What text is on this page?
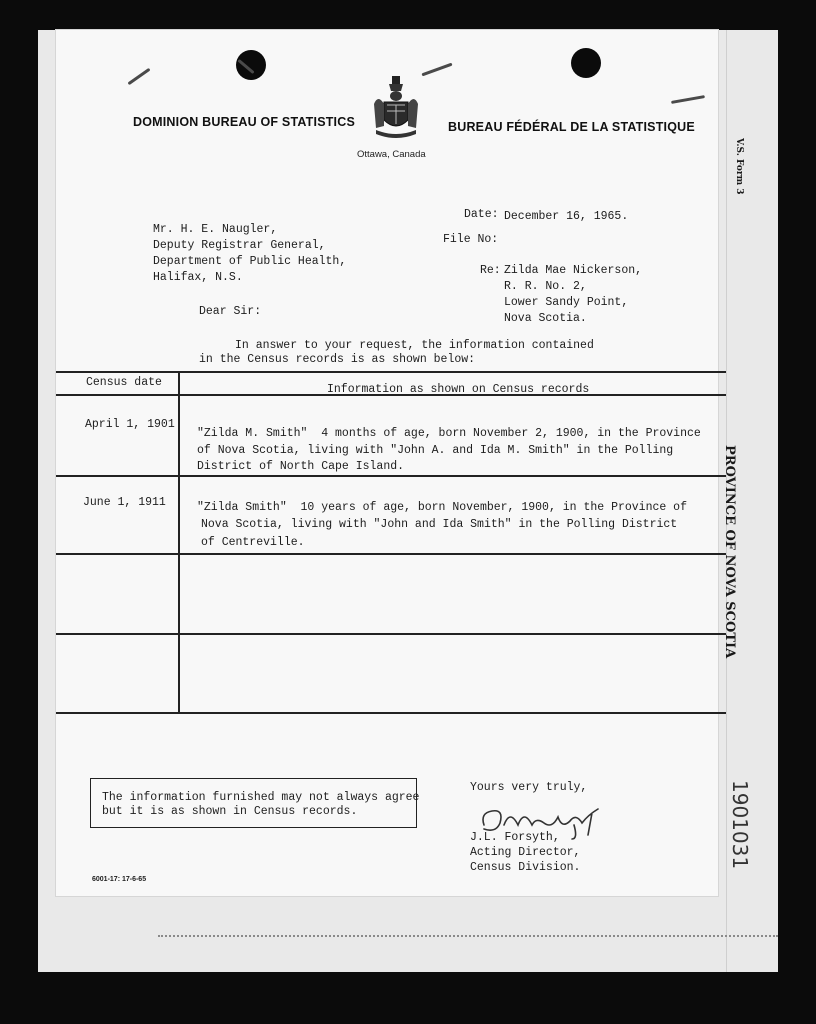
DOMINION BUREAU OF STATISTICS	BUREAU FÉDÉRAL DE LA STATISTIQUE
Ottawa, Canada
Date: December 16, 1965.
File No:
Re: Zilda Mae Nickerson,
R. R. No. 2,
Lower Sandy Point,
Nova Scotia.
Mr. H. E. Naugler,
Deputy Registrar General,
Department of Public Health,
Halifax, N.S.
Dear Sir:
In answer to your request, the information contained
in the Census records is as shown below:
Census date
Information as shown on Census records
April 1, 1901
"Zilda M. Smith"  4 months of age, born November 2, 1900, in the Province
of Nova Scotia, living with "John A. and Ida M. Smith" in the Polling
District of North Cape Island.
June 1, 1911	"Zilda Smith"  10 years of age, born November, 1900, in the Province of
Nova Scotia, living with "John and Ida Smith" in the Polling District
of Centreville.
The information furnished may not always agree
but it is as shown in Census records.
Yours very truly,
J.L. Forsyth,
Acting Director,
Census Division.
6001-17: 17-6-65
V.S. Form 3
PROVINCE OF NOVA SCOTIA
1901031
